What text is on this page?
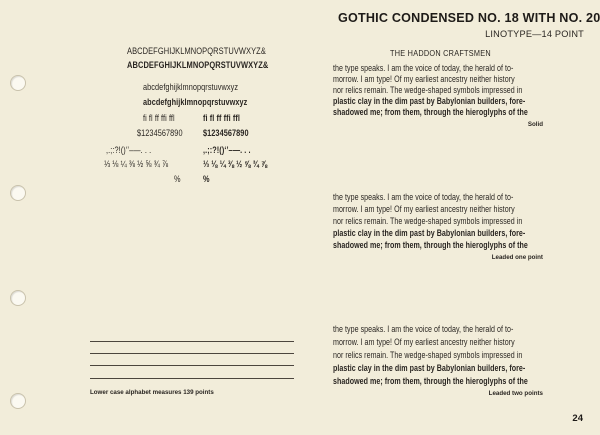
GOTHIC CONDENSED NO. 18 WITH NO. 20
LINOTYPE—14 POINT
ABCDEFGHIJKLMNOPQRSTUVWXYZ&
ABCDEFGHIJKLMNOPQRSTUVWXYZ&
abcdefghijklmnopqrstuvwxyz
abcdefghijklmnopqrstuvwxyz
fi fl ff ffi ffl	fi fl ff ffi ffl
$1234567890 $1234567890
,.;:?!()‘’–—. . .	,.;:?!()‘’–—. . .
⅓ ⅛ ¼ ⅜ ½ ⅝ ¾ ⅞	⅓ ⅛ ¼ ⅜ ½ ⅝ ¾ ⅞
% %
THE HADDON CRAFTSMEN
the type speaks. I am the voice of today, the herald of to-
morrow. I am type! Of my earliest ancestry neither history
nor relics remain. The wedge-shaped symbols impressed in
plastic clay in the dim past by Babylonian builders, fore-
shadowed me; from them, through the hieroglyphs of the
Solid
the type speaks. I am the voice of today, the herald of to-
morrow. I am type! Of my earliest ancestry neither history
nor relics remain. The wedge-shaped symbols impressed in
plastic clay in the dim past by Babylonian builders, fore-
shadowed me; from them, through the hieroglyphs of the
Leaded one point
the type speaks. I am the voice of today, the herald of to-
morrow. I am type! Of my earliest ancestry neither history
nor relics remain. The wedge-shaped symbols impressed in
plastic clay in the dim past by Babylonian builders, fore-
shadowed me; from them, through the hieroglyphs of the
Leaded two points
Lower case alphabet measures 139 points
24
